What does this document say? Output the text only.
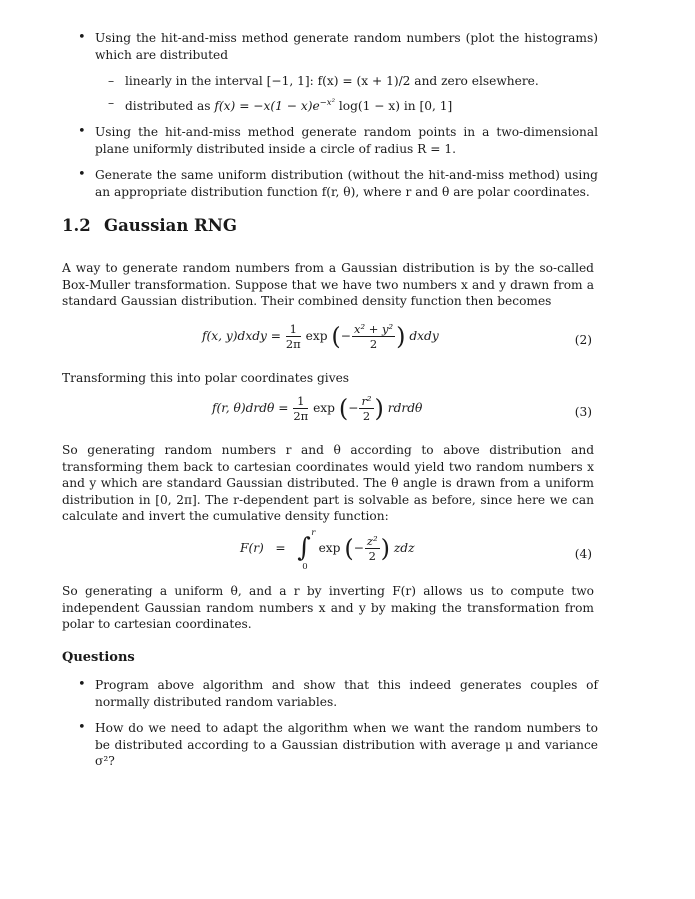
• Using the hit-and-miss method generate random numbers (plot the histograms) which are distributed
– linearly in the interval [−1, 1]: f(x) = (x + 1)/2 and zero elsewhere.
– distributed as $f(x) = -x(1 - x)e^{-x^2}$ log(1 − x) in [0, 1]
• Using the hit-and-miss method generate random points in a two-dimensional plane uniformly distributed inside a circle of radius R = 1.
• Generate the same uniform distribution (without the hit-and-miss method) using an appropriate distribution function f(r, θ), where r and θ are polar coordinates.
1.2 Gaussian RNG
A way to generate random numbers from a Gaussian distribution is by the so-called Box-Muller transformation. Suppose that we have two numbers x and y drawn from a standard Gaussian distribution. Their combined density function then becomes
f(x, y)dxdy = $\frac{1}{2\pi}$ exp (− $\frac{\text{x² + y²}}{2}$ ) dxdy	(2)
Transforming this into polar coordinates gives
f(r, $\theta)drd\theta = \frac{1}{2\pi}$ exp (− $\frac{\text{r²}}{2}$ ) rdrdθ	(3)
So generating random numbers r and θ according to above distribution and transforming them back to cartesian coordinates would yield two random numbers x and y which are standard Gaussian distributed. The θ angle is drawn from a uniform distribution in [0, 2π]. The r-dependent part is solvable as before, since here we can calculate and invert the cumulative density function:
F(r) = ∫ r
0
exp (− $\frac{\text{z²}}{2}$ ) zdz	(4)
So generating a uniform θ, and a r by inverting F(r) allows us to compute two independent Gaussian random numbers x and y by making the transformation from polar to cartesian coordinates.
Questions
• Program above algorithm and show that this indeed generates couples of normally distributed random variables.
• How do we need to adapt the algorithm when we want the random numbers to be distributed according to a Gaussian distribution with average μ and variance σ²?
